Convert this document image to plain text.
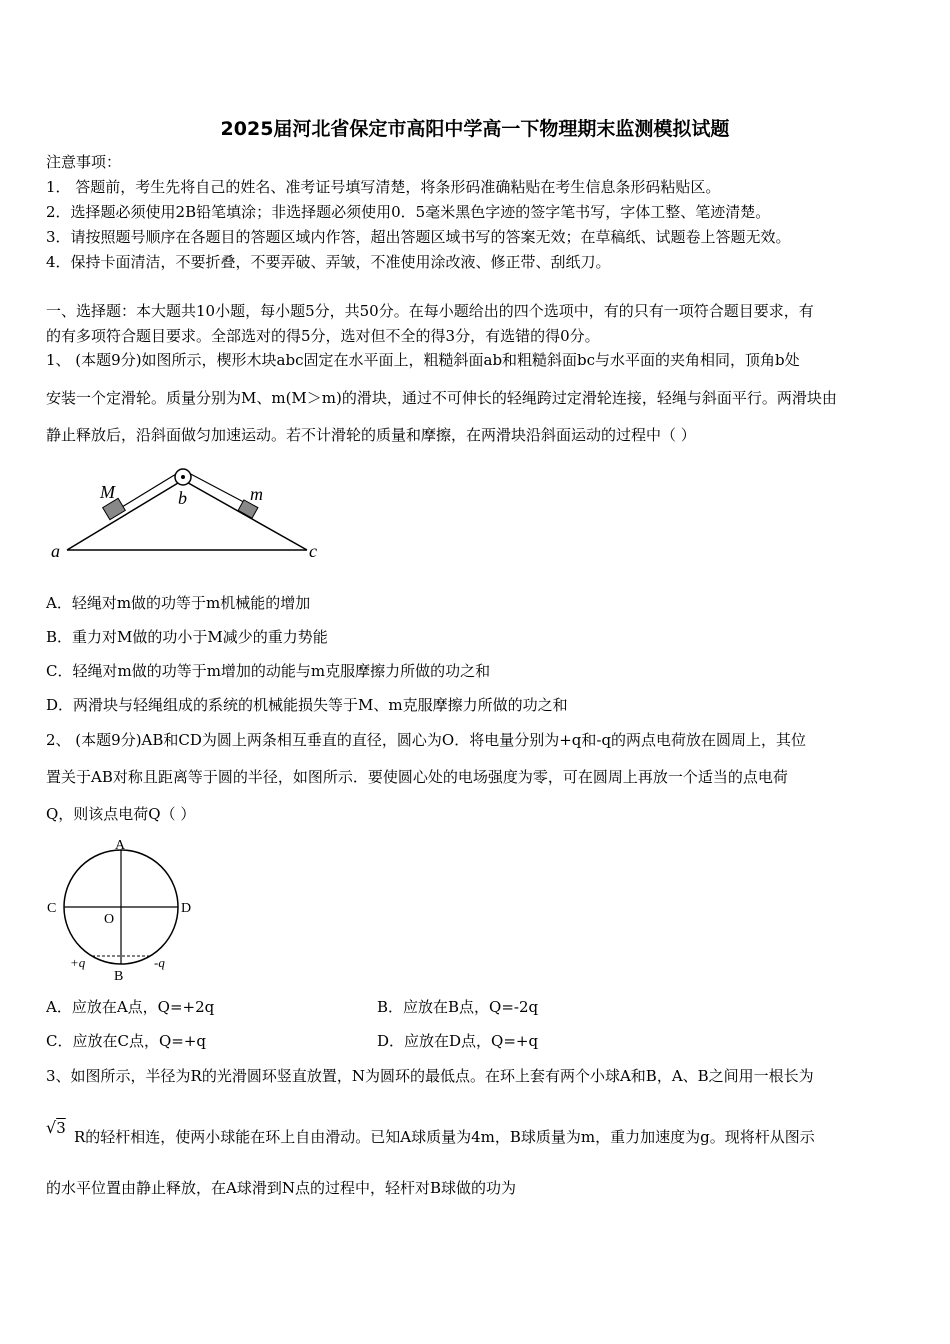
2025届河北省保定市高阳中学高一下物理期末监测模拟试题
注意事项：
1． 答题前，考生先将自己的姓名、准考证号填写清楚，将条形码准确粘贴在考生信息条形码粘贴区。
2．选择题必须使用2B铅笔填涂；非选择题必须使用0．5毫米黑色字迹的签字笔书写，字体工整、笔迹清楚。
3．请按照题号顺序在各题目的答题区域内作答，超出答题区域书写的答案无效；在草稿纸、试题卷上答题无效。
4．保持卡面清洁，不要折叠，不要弄破、弄皱，不准使用涂改液、修正带、刮纸刀。
一、选择题：本大题共10小题，每小题5分，共50分。在每小题给出的四个选项中，有的只有一项符合题目要求，有
的有多项符合题目要求。全部选对的得5分，选对但不全的得3分，有选错的得0分。
1、 (本题9分)如图所示，楔形木块abc固定在水平面上，粗糙斜面ab和粗糙斜面bc与水平面的夹角相同，顶角b处
安装一个定滑轮。质量分别为M、m(M＞m)的滑块，通过不可伸长的轻绳跨过定滑轮连接，轻绳与斜面平行。两滑块由
静止释放后，沿斜面做匀加速运动。若不计滑轮的质量和摩擦，在两滑块沿斜面运动的过程中（ ）
M	m
b
a	c
A．轻绳对m做的功等于m机械能的增加
B．重力对M做的功小于M减少的重力势能
C．轻绳对m做的功等于m增加的动能与m克服摩擦力所做的功之和
D．两滑块与轻绳组成的系统的机械能损失等于M、m克服摩擦力所做的功之和
2、 (本题9分)AB和CD为圆上两条相互垂直的直径，圆心为O．将电量分别为+q和-q的两点电荷放在圆周上，其位
置关于AB对称且距离等于圆的半径，如图所示．要使圆心处的电场强度为零，可在圆周上再放一个适当的点电荷
Q，则该点电荷Q（ ）
A
B
C	D
O
+q	-q
A．应放在A点，Q=+2q	B．应放在B点，Q=-2q
C．应放在C点，Q=+q	D．应放在D点，Q=+q
3、如图所示，半径为R的光滑圆环竖直放置，N为圆环的最低点。在环上套有两个小球A和B，A、B之间用一根长为
√3 R的轻杆相连，使两小球能在环上自由滑动。已知A球质量为4m，B球质量为m，重力加速度为g。现将杆从图示
的水平位置由静止释放，在A球滑到N点的过程中，轻杆对B球做的功为
